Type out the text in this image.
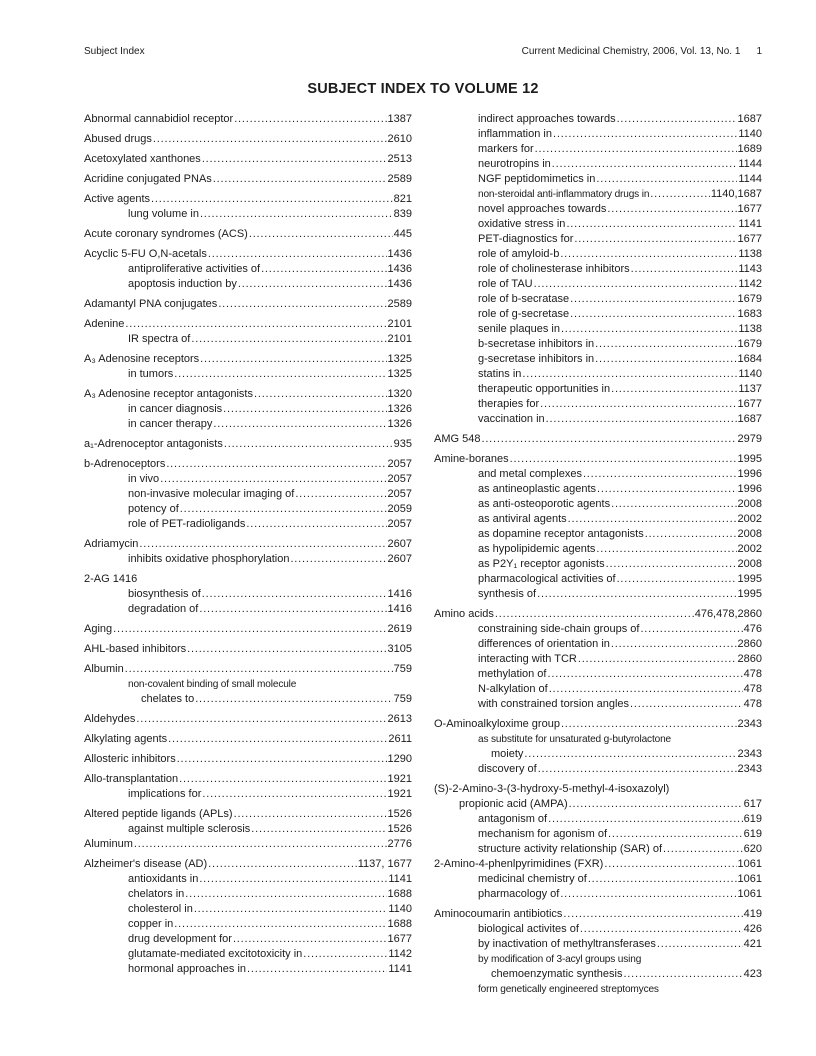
Subject Index	Current Medicinal Chemistry, 2006, Vol. 13, No. 1 1
SUBJECT INDEX TO VOLUME 12
Abnormal cannabidiol receptor .....	1387
Abused drugs .....	2610
Acetoxylated xanthones .....	2513
Acridine conjugated PNAs .....	2589
Active agents .....	821
lung volume in .....	839
Acute coronary syndromes (ACS) .....	445
Acyclic 5-FU O,N-acetals .....	1436
antiproliferative activities of .....	1436
apoptosis induction by .....	1436
Adamantyl PNA conjugates .....	2589
Adenine .....	2101
IR spectra of .....	2101
A₃ Adenosine receptors .....	1325
in tumors .....	1325
A₃ Adenosine receptor antagonists .....	1320
in cancer diagnosis .....	1326
in cancer therapy .....	1326
a₁-Adrenoceptor antagonists .....	935
b-Adrenoceptors .....	2057
in vivo .....	2057
non-invasive molecular imaging of .....	2057
potency of .....	2059
role of PET-radioligands .....	2057
Adriamycin .....	2607
inhibits oxidative phosphorylation .....	2607
2-AG 1416
biosynthesis of .....	1416
degradation of .....	1416
Aging .....	2619
AHL-based inhibitors .....	3105
Albumin .....	759
non-covalent binding of small molecule
chelates to .....	759
Aldehydes .....	2613
Alkylating agents .....	2611
Allosteric inhibitors .....	1290
Allo-transplantation .....	1921
implications for .....	1921
Altered peptide ligands (APLs) .....	1526
against multiple sclerosis .....	1526
Aluminum .....	2776
Alzheimer's disease (AD) .....	1137, 1677
antioxidants in .....	1141
chelators in .....	1688
cholesterol in .....	1140
copper in .....	1688
drug development for .....	1677
glutamate-mediated excitotoxicity in .....	1142
hormonal approaches in .....	1141
indirect approaches towards .....	1687
inflammation in .....	1140
markers for .....	1689
neurotropins in .....	1144
NGF peptidomimetics in .....	1144
non-steroidal anti-inflammatory drugs in .....	1140,1687
novel approaches towards .....	1677
oxidative stress in .....	1141
PET-diagnostics for .....	1677
role of amyloid-b .....	1138
role of cholinesterase inhibitors .....	1143
role of TAU .....	1142
role of b-secratase .....	1679
role of g-secretase .....	1683
senile plaques in .....	1138
b-secretase inhibitors in .....	1679
g-secretase inhibitors in .....	1684
statins in .....	1140
therapeutic opportunities in .....	1137
therapies for .....	1677
vaccination in .....	1687
AMG 548 .....	2979
Amine-boranes .....	1995
and metal complexes .....	1996
as antineoplastic agents .....	1996
as anti-osteoporotic agents .....	2008
as antiviral agents .....	2002
as dopamine receptor antagonists .....	2008
as hypolipidemic agents .....	2002
as P2Y₁ receptor agonists .....	2008
pharmacological activities of .....	1995
synthesis of .....	1995
Amino acids .....	476,478,2860
constraining side-chain groups of .....	476
differences of orientation in .....	2860
interacting with TCR .....	2860
methylation of .....	478
N-alkylation of .....	478
with constrained torsion angles .....	478
O-Aminoalkyloxime group .....	2343
as substitute for unsaturated g-butyrolactone
moiety .....	2343
discovery of .....	2343
(S)-2-Amino-3-(3-hydroxy-5-methyl-4-isoxazolyl)
propionic acid (AMPA) .....	617
antagonism of .....	619
mechanism for agonism of .....	619
structure activity relationship (SAR) of .....	620
2-Amino-4-phenlpyrimidines (FXR) .....	1061
medicinal chemistry of .....	1061
pharmacology of .....	1061
Aminocoumarin antibiotics .....	419
biological activites of .....	426
by inactivation of methyltransferases .....	421
by modification of 3-acyl groups using
chemoenzymatic synthesis .....	423
form genetically engineered streptomyces
